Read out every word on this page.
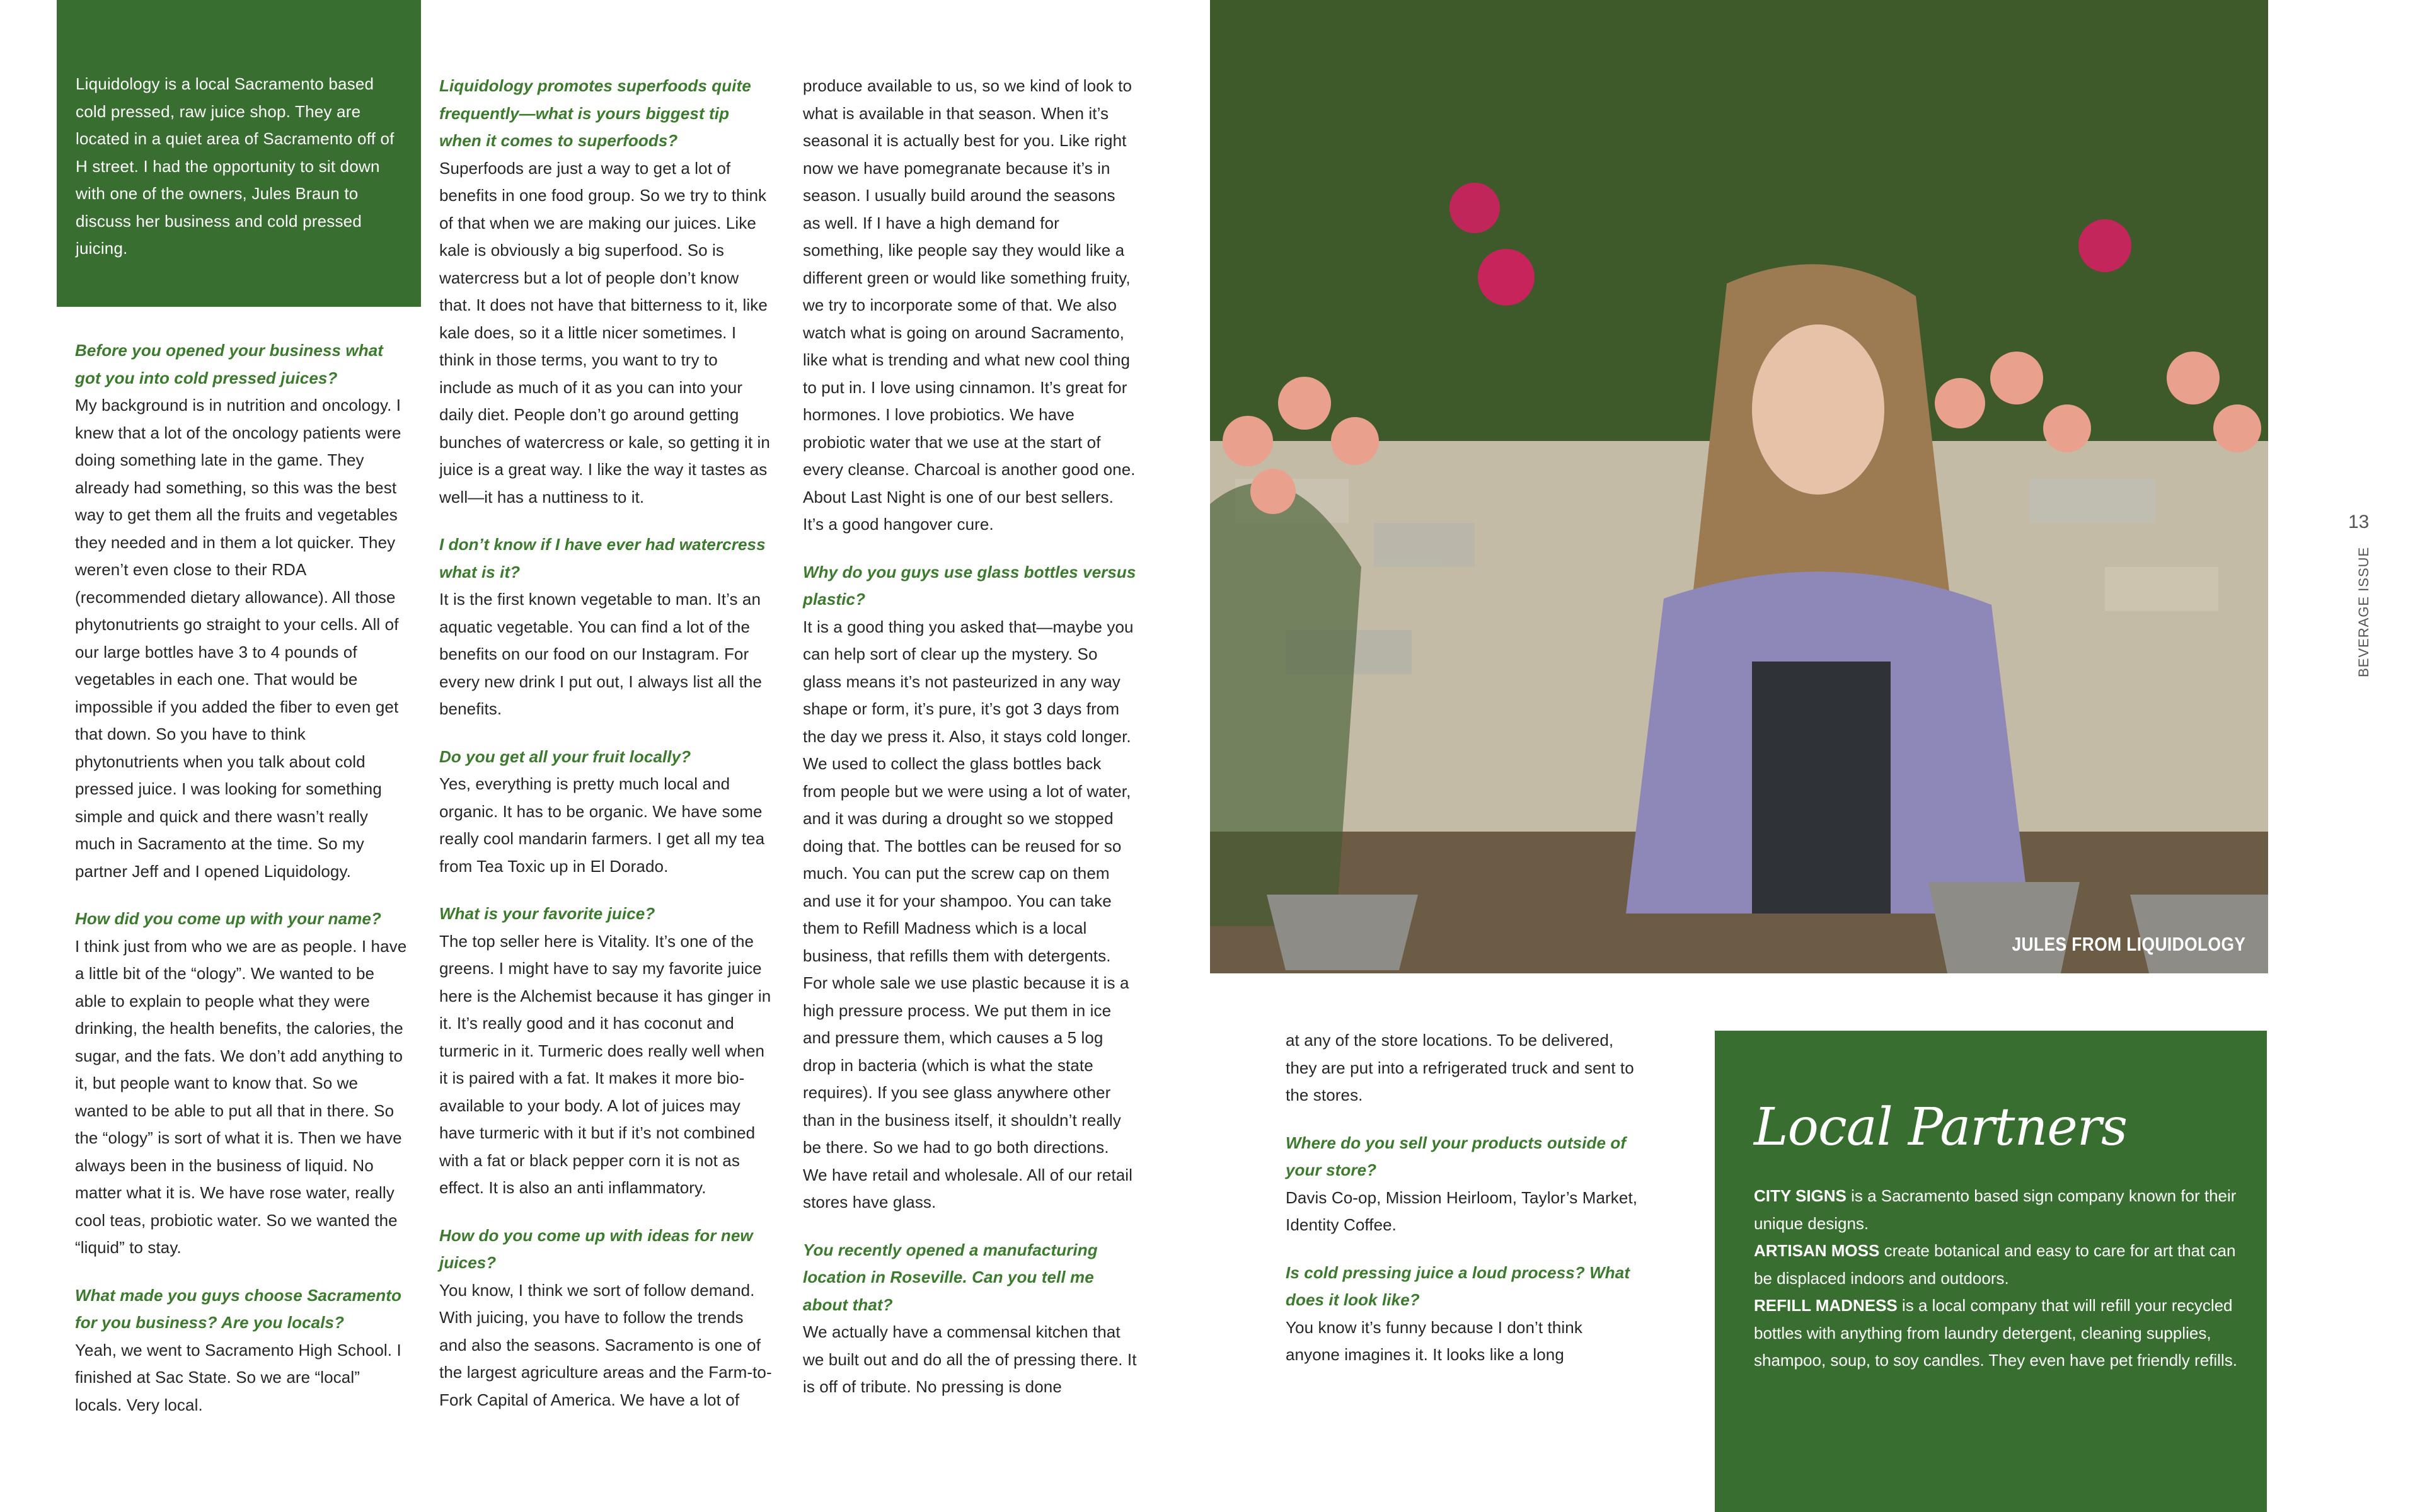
Liquidology is a local Sacramento based cold pressed, raw juice shop. They are located in a quiet area of Sacramento off of H street. I had the opportunity to sit down with one of the owners, Jules Braun to discuss her business and cold pressed juicing.

Before you opened your business what got you into cold pressed juices?
My background is in nutrition and oncology. I knew that a lot of the oncology patients were doing something late in the game. They already had something, so this was the best way to get them all the fruits and vegetables they needed and in them a lot quicker. They weren’t even close to their RDA (recommended dietary allowance). All those phytonutrients go straight to your cells. All of our large bottles have 3 to 4 pounds of vegetables in each one. That would be impossible if you added the fiber to even get that down. So you have to think phytonutrients when you talk about cold pressed juice. I was looking for something simple and quick and there wasn’t really much in Sacramento at the time. So my partner Jeff and I opened Liquidology.

How did you come up with your name?
I think just from who we are as people. I have a little bit of the “ology”. We wanted to be able to explain to people what they were drinking, the health benefits, the calories, the sugar, and the fats. We don’t add anything to it, but people want to know that. So we wanted to be able to put all that in there. So the “ology” is sort of what it is. Then we have always been in the business of liquid. No matter what it is. We have rose water, really cool teas, probiotic water. So we wanted the “liquid” to stay.

What made you guys choose Sacramento for you business? Are you locals?
Yeah, we went to Sacramento High School. I finished at Sac State. So we are “local” locals. Very local.

Liquidology promotes superfoods quite frequently—what is yours biggest tip when it comes to superfoods?
Superfoods are just a way to get a lot of benefits in one food group. So we try to think of that when we are making our juices. Like kale is obviously a big superfood. So is watercress but a lot of people don’t know that. It does not have that bitterness to it, like kale does, so it a little nicer sometimes. I think in those terms, you want to try to include as much of it as you can into your daily diet. People don’t go around getting bunches of watercress or kale, so getting it in juice is a great way. I like the way it tastes as well—it has a nuttiness to it.

I don’t know if I have ever had watercress what is it?
It is the first known vegetable to man. It’s an aquatic vegetable. You can find a lot of the benefits on our food on our Instagram. For every new drink I put out, I always list all the benefits.

Do you get all your fruit locally?
Yes, everything is pretty much local and organic. It has to be organic. We have some really cool mandarin farmers. I get all my tea from Tea Toxic up in El Dorado.

What is your favorite juice?
The top seller here is Vitality. It’s one of the greens. I might have to say my favorite juice here is the Alchemist because it has ginger in it. It’s really good and it has coconut and turmeric in it. Turmeric does really well when it is paired with a fat. It makes it more bio-available to your body. A lot of juices may have turmeric with it but if it’s not combined with a fat or black pepper corn it is not as effect. It is also an anti inflammatory.

How do you come up with ideas for new juices?
You know, I think we sort of follow demand. With juicing, you have to follow the trends and also the seasons. Sacramento is one of the largest agriculture areas and the Farm-to-Fork Capital of America. We have a lot of

produce available to us, so we kind of look to what is available in that season. When it’s seasonal it is actually best for you. Like right now we have pomegranate because it’s in season. I usually build around the seasons as well. If I have a high demand for something, like people say they would like a different green or would like something fruity, we try to incorporate some of that. We also watch what is going on around Sacramento, like what is trending and what new cool thing to put in. I love using cinnamon. It’s great for hormones. I love probiotics. We have probiotic water that we use at the start of every cleanse. Charcoal is another good one. About Last Night is one of our best sellers. It’s a good hangover cure.

Why do you guys use glass bottles versus plastic?
It is a good thing you asked that—maybe you can help sort of clear up the mystery. So glass means it’s not pasteurized in any way shape or form, it’s pure, it’s got 3 days from the day we press it. Also, it stays cold longer. We used to collect the glass bottles back from people but we were using a lot of water, and it was during a drought so we stopped doing that. The bottles can be reused for so much. You can put the screw cap on them and use it for your shampoo. You can take them to Refill Madness which is a local business, that refills them with detergents. For whole sale we use plastic because it is a high pressure process. We put them in ice and pressure them, which causes a 5 log drop in bacteria (which is what the state requires). If you see glass anywhere other than in the business itself, it shouldn’t really be there. So we had to go both directions. We have retail and wholesale. All of our retail stores have glass.

You recently opened a manufacturing location in Roseville. Can you tell me about that?
We actually have a commensal kitchen that we built out and do all the of pressing there. It is off of tribute. No pressing is done

at any of the store locations. To be delivered, they are put into a refrigerated truck and sent to the stores.

Where do you sell your products outside of your store?
Davis Co-op, Mission Heirloom, Taylor’s Market, Identity Coffee.

Is cold pressing juice a loud process? What does it look like?
You know it’s funny because I don’t think anyone imagines it. It looks like a long

JULES FROM LIQUIDOLOGY
Local Partners

CITY SIGNS is a Sacramento based sign company known for their unique designs.

ARTISAN MOSS create botanical and easy to care for art that can be displaced indoors and outdoors.

REFILL MADNESS is a local company that will refill your recycled bottles with anything from laundry detergent, cleaning supplies, shampoo, soup, to soy candles. They even have pet friendly refills.

13
BEVERAGE ISSUE
